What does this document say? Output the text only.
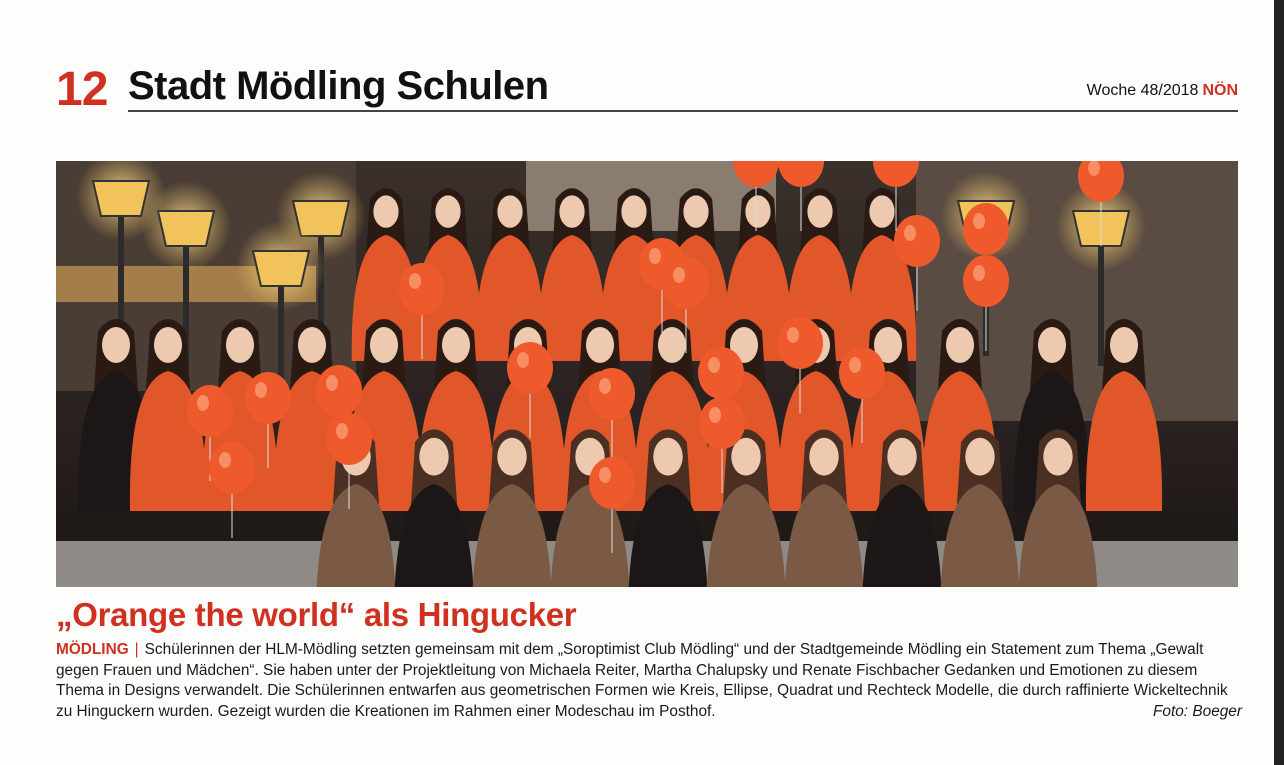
12 Stadt Mödling Schulen	Woche 48/2018 NÖN
„Orange the world“ als Hingucker
MÖDLING | Schülerinnen der HLM-Mödling setzten gemeinsam mit dem „Soroptimist Club Mödling“ und der Stadtgemeinde Mödling ein Statement zum Thema „Gewalt gegen Frauen und Mädchen“. Sie haben unter der Projektleitung von Michaela Reiter, Martha Chalupsky und Renate Fischbacher Gedanken und Emotionen zu diesem Thema in Designs verwandelt. Die Schülerinnen entwarfen aus geometrischen Formen wie Kreis, Ellipse, Quadrat und Rechteck Modelle, die durch raffinierte Wickeltechnik zu Hinguckern wurden. Gezeigt wurden die Kreationen im Rahmen einer Modeschau im Posthof.	Foto: Boeger
